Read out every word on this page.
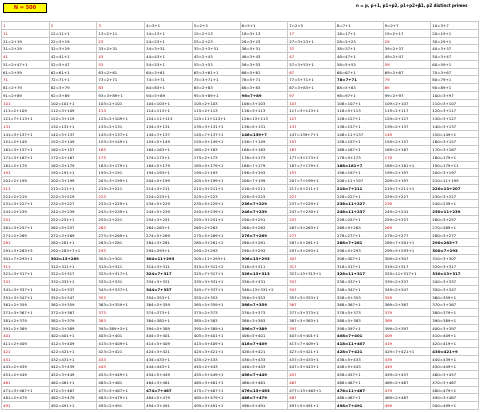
N = 500	n = p, p+1, p1+p2, p1+p2+1
p1, p2 distinct primes
1	2	3	4=3+1	5=2+3	6=5+1	7=2+5	8=7+1	9=2+7	10=3+7
11	12=11+1	13=2+11	14=13+1	15=2+13	16=3+13	17	18=17+1	19=2+17	20=19+1
21=2+19	22=3+19	23	24=23+1	25=2+23	26=3+23	27=3+23+1	28=5+23	29	30=29+1
31=2+29	32=3+29	33=2+31	34=3+31	35=2+3+31	36=5+31	37	38=37+1	39=2+37	40=3+37
41	42=41+1	43	44=43+1	45=2+43	46=3+43	47	48=47+1	49=2+47	50=3+47
51=2+47+1	52=5+47	53	54=53+1	55=2+53	56=3+53	57=3+53+1	58=5+53	59	60=59+1
61=2+59	62=61+1	63=2+61	64=3+61	65=3+61+1	66=5+61	67	68=67+1	69=2+67	70=3+67
71	72=71+1	73=2+71	74=3+71	75=3+71+1	76=5+71	77=5+71+1	78=7+71	79	80=79+1
81=2+79	82=3+79	83	84=83+1	85=2+83	86=3+83	87=3+83+1	88=5+83	89	90=89+1
91=2+89	92=3+89	93=3+89+1	94=5+89	95=5+89+1	96=7+89	97	98=97+1	99=2+97	100=3+97
101	102=101+1	103=2+101	104=103+1	105=2+103	106=3+103	107	108=107+1	109=2+107	110=3+107
111=2+109	112=3+109	113	114=113+1	115=2+113	116=3+113	117=3+113+1	118=5+113	119=2+117	120=3+117
121=7+113+1	122=3+119	123=2+109+1	124=11+113	125=11+113+1	126=13+113	127	128=127+1	129=2+127	130=3+127
131	132=131+1	133=2+131	134=3+131	135=3+131+1	136=5+131	137	138=137+1	139=2+137	140=3+137
141=3+137+1	142=5+137	143=5+137+1	144=7+137	145=7+137+1	146=139+7	147=139+7+1	148=11+137	149	150=149+1
151=2+149	152=3+149	153=3+149+1	154=5+149	155=5+149+1	156=7+149	157	158=157+1	159=2+157	160=3+157
161=3+157+1	162=5+157	163	164=163+1	165=2+163	166=3+163	167	168=167+1	169=2+167	170=3+167
171=3+167+1	172=5+167	173	174=173+1	175=2+173	176=3+173	177=3+173+1	178=5+173	179	180=179+1
181=2+179	182=3+179	183=3+179+1	184=5+179	185=5+179+1	186=7+179	187=7+179+1	188=181+7	189=2+181+1	190=179+11
191	192=191+1	193=2+191	194=193+1	195=2+193	196=3+193	197	198=197+1	199=2+197	200=3+197
201=2+199	202=3+199	203=3+199+1	204=5+199	205=5+199+1	206=7+199	207=7+199+1	208=11+197	209=2+197	210=11+199
211	212=211+1	213=2+211	214=3+211	215=3+211+1	216=5+211	217=5+211+1	218=7+211	219=7+211+1	220=13+207
221=2+219	222=3+219	223	224=223+1	225=2+223	226=3+223	227	228=227+1	229=2+227	230=3+227
231=3+227+1	232=5+227	233=2+229+1	234=5+229	235=5+229+1	236=7+229	237=7+229+1	238=11+227	239	240=239+1
241=2+239	242=3+239	243=3+239+1	244=5+239	245=5+239+1	246=7+239	247=7+239+1	248=11+237	249=2+241	250=11+239
251	252=251+1	253=2+251	254=3+251	255=3+251+1	256=5+251	257	258=257+1	259=2+257	260=3+257
261=3+257+1	262=5+257	263	264=263+1	265=2+263	266=3+263	267=3+263+1	268=5+263	269	270=269+1
271=2+269	272=3+269	273=3+269+1	274=5+269	275=5+269+1	276=7+269	277	278=277+1	279=2+277	280=3+277
281	282=281+1	283=2+281	284=3+281	285=3+281+1	286=5+281	287=5+281+1	288=7+281	289=7+281+1	290=283+7
291=3+283+5	292=283+7+1	293	294=293+1	295=2+293	296=3+293	297=3+293+1	298=5+293	299=5+293+1	300=7+293
301=7+293+1	302=13+289	303=2+301	304=11+293	305=11+293+1	306=13+293	307	308=307+1	309=2+307	310=3+307
311	312=311+1	313=2+311	314=3+311	315=3+311+1	316=5+311	317	318=317+1	319=2+317	320=3+317
321=3+317+1	322=5+317	323=5+317+1	324=7+317	325=7+317+1	326=13+313	327=13+313+1	328=11+317	329=11+317+1	330=13+317
331	332=331+1	333=2+331	334=3+331	335=3+331+1	336=5+331	337	338=337+1	339=2+337	340=3+337
341=3+337+1	342=5+337	343=5+337+1	344=7+337	345=7+337+1	346=13+331+2	347	348=347+1	349=2+347	350=3+347
351=3+347+1	352=5+347	353	354=353+1	355=2+353	356=3+353	357=3+353+1	358=5+353	359	360=359+1
361=2+359	362=3+359	363=3+359+1	364=5+359	365=5+359+1	366=7+359	367	368=367+1	369=2+367	370=3+367
371=3+367+1	372=5+367	373	374=373+1	375=2+373	376=3+373	377=3+373+1	378=5+373	379	380=379+1
381=2+379	382=3+379	383	384=383+1	385=2+383	386=3+383	387=3+383+1	388=5+383	389	390=389+1
391=2+389	392=3+389	393=389+3+1	394=5+389	395=5+389+1	396=7+389	397	398=397+1	399=2+397	400=3+397
401	402=401+1	403=2+401	404=3+401	405=3+401+1	406=5+401	407=5+401+1	408=7+401	409	410=409+1
411=2+409	412=3+409	413=3+409+1	414=5+409	415=5+409+1	416=7+409	417=7+409+1	418=11+407	419	420=419+1
421	422=421+1	423=2+421	424=3+421	425=3+421+1	426=5+421	427=5+421+1	428=7+421	429=7+421+1	430=421+9
431	432=431+1	433	434=433+1	435=2+433	436=3+433	437=3+433+1	438=5+433	439	440=439+1
441=2+439	442=3+439	443	444=443+1	445=2+443	446=3+443	447=3+443+1	448=5+443	449	450=449+1
451=2+449	452=3+449	453=3+449+1	454=5+449	455=5+449+1	456=7+449	457	458=457+1	459=2+457	460=3+457
461	462=461+1	463=2+461	464=3+461	465=3+461+1	466=5+461	467	468=467+1	469=2+467	470=3+467
471=3+467+1	472=5+467	473=5+467+1	474=7+467	475=7+467+1	476=13+463	477=13+463+1	478=11+467	479	480=479+1
481=2+479	482=3+479	483=3+479+1	484=5+479	485=5+479+1	486=7+479	487	488=487+1	489=2+487	490=3+487
491	492=491+1	493=2+491	494=3+491	495=3+491+1	496=5+491	497=5+491+1	498=7+491	499	500=499+1
